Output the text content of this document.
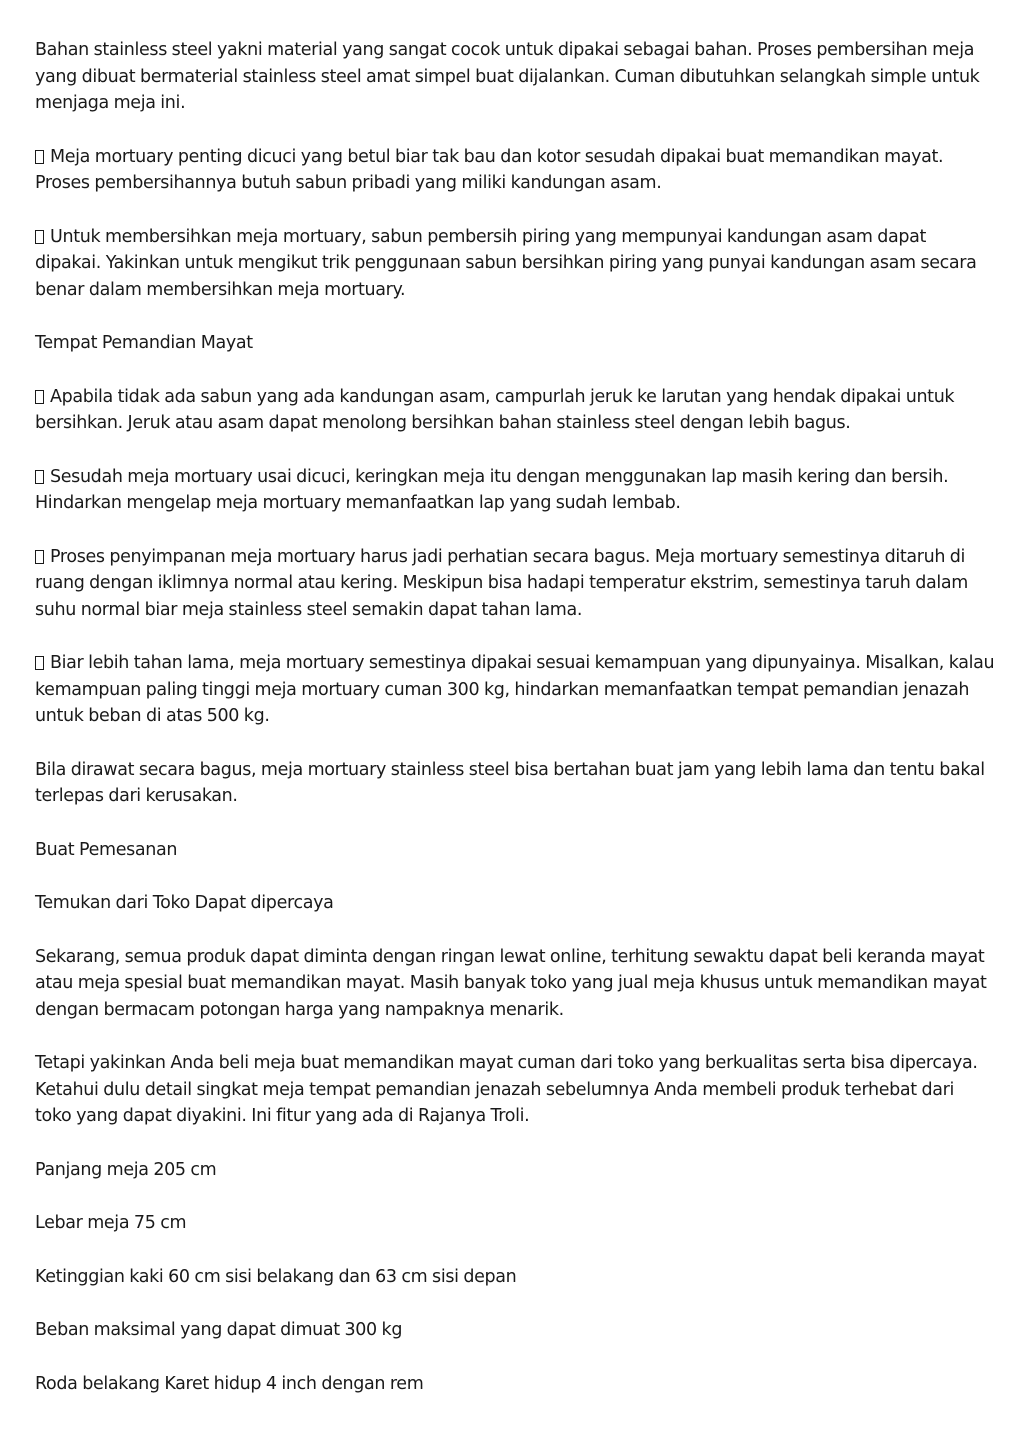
Bahan stainless steel yakni material yang sangat cocok untuk dipakai sebagai bahan. Proses pembersihan meja yang dibuat bermaterial stainless steel amat simpel buat dijalankan. Cuman dibutuhkan selangkah simple untuk menjaga meja ini.

Meja mortuary penting dicuci yang betul biar tak bau dan kotor sesudah dipakai buat memandikan mayat. Proses pembersihannya butuh sabun pribadi yang miliki kandungan asam.

Untuk membersihkan meja mortuary, sabun pembersih piring yang mempunyai kandungan asam dapat dipakai. Yakinkan untuk mengikut trik penggunaan sabun bersihkan piring yang punyai kandungan asam secara benar dalam membersihkan meja mortuary.

Tempat Pemandian Mayat

Apabila tidak ada sabun yang ada kandungan asam, campurlah jeruk ke larutan yang hendak dipakai untuk bersihkan. Jeruk atau asam dapat menolong bersihkan bahan stainless steel dengan lebih bagus.

Sesudah meja mortuary usai dicuci, keringkan meja itu dengan menggunakan lap masih kering dan bersih. Hindarkan mengelap meja mortuary memanfaatkan lap yang sudah lembab.

Proses penyimpanan meja mortuary harus jadi perhatian secara bagus. Meja mortuary semestinya ditaruh di ruang dengan iklimnya normal atau kering. Meskipun bisa hadapi temperatur ekstrim, semestinya taruh dalam suhu normal biar meja stainless steel semakin dapat tahan lama.

Biar lebih tahan lama, meja mortuary semestinya dipakai sesuai kemampuan yang dipunyainya. Misalkan, kalau kemampuan paling tinggi meja mortuary cuman 300 kg, hindarkan memanfaatkan tempat pemandian jenazah untuk beban di atas 500 kg.

Bila dirawat secara bagus, meja mortuary stainless steel bisa bertahan buat jam yang lebih lama dan tentu bakal terlepas dari kerusakan.

Buat Pemesanan

Temukan dari Toko Dapat dipercaya

Sekarang, semua produk dapat diminta dengan ringan lewat online, terhitung sewaktu dapat beli keranda mayat atau meja spesial buat memandikan mayat. Masih banyak toko yang jual meja khusus untuk memandikan mayat dengan bermacam potongan harga yang nampaknya menarik.

Tetapi yakinkan Anda beli meja buat memandikan mayat cuman dari toko yang berkualitas serta bisa dipercaya. Ketahui dulu detail singkat meja tempat pemandian jenazah sebelumnya Anda membeli produk terhebat dari toko yang dapat diyakini. Ini fitur yang ada di Rajanya Troli.

Panjang meja 205 cm

Lebar meja 75 cm

Ketinggian kaki 60 cm sisi belakang dan 63 cm sisi depan

Beban maksimal yang dapat dimuat 300 kg

Roda belakang Karet hidup 4 inch dengan rem
